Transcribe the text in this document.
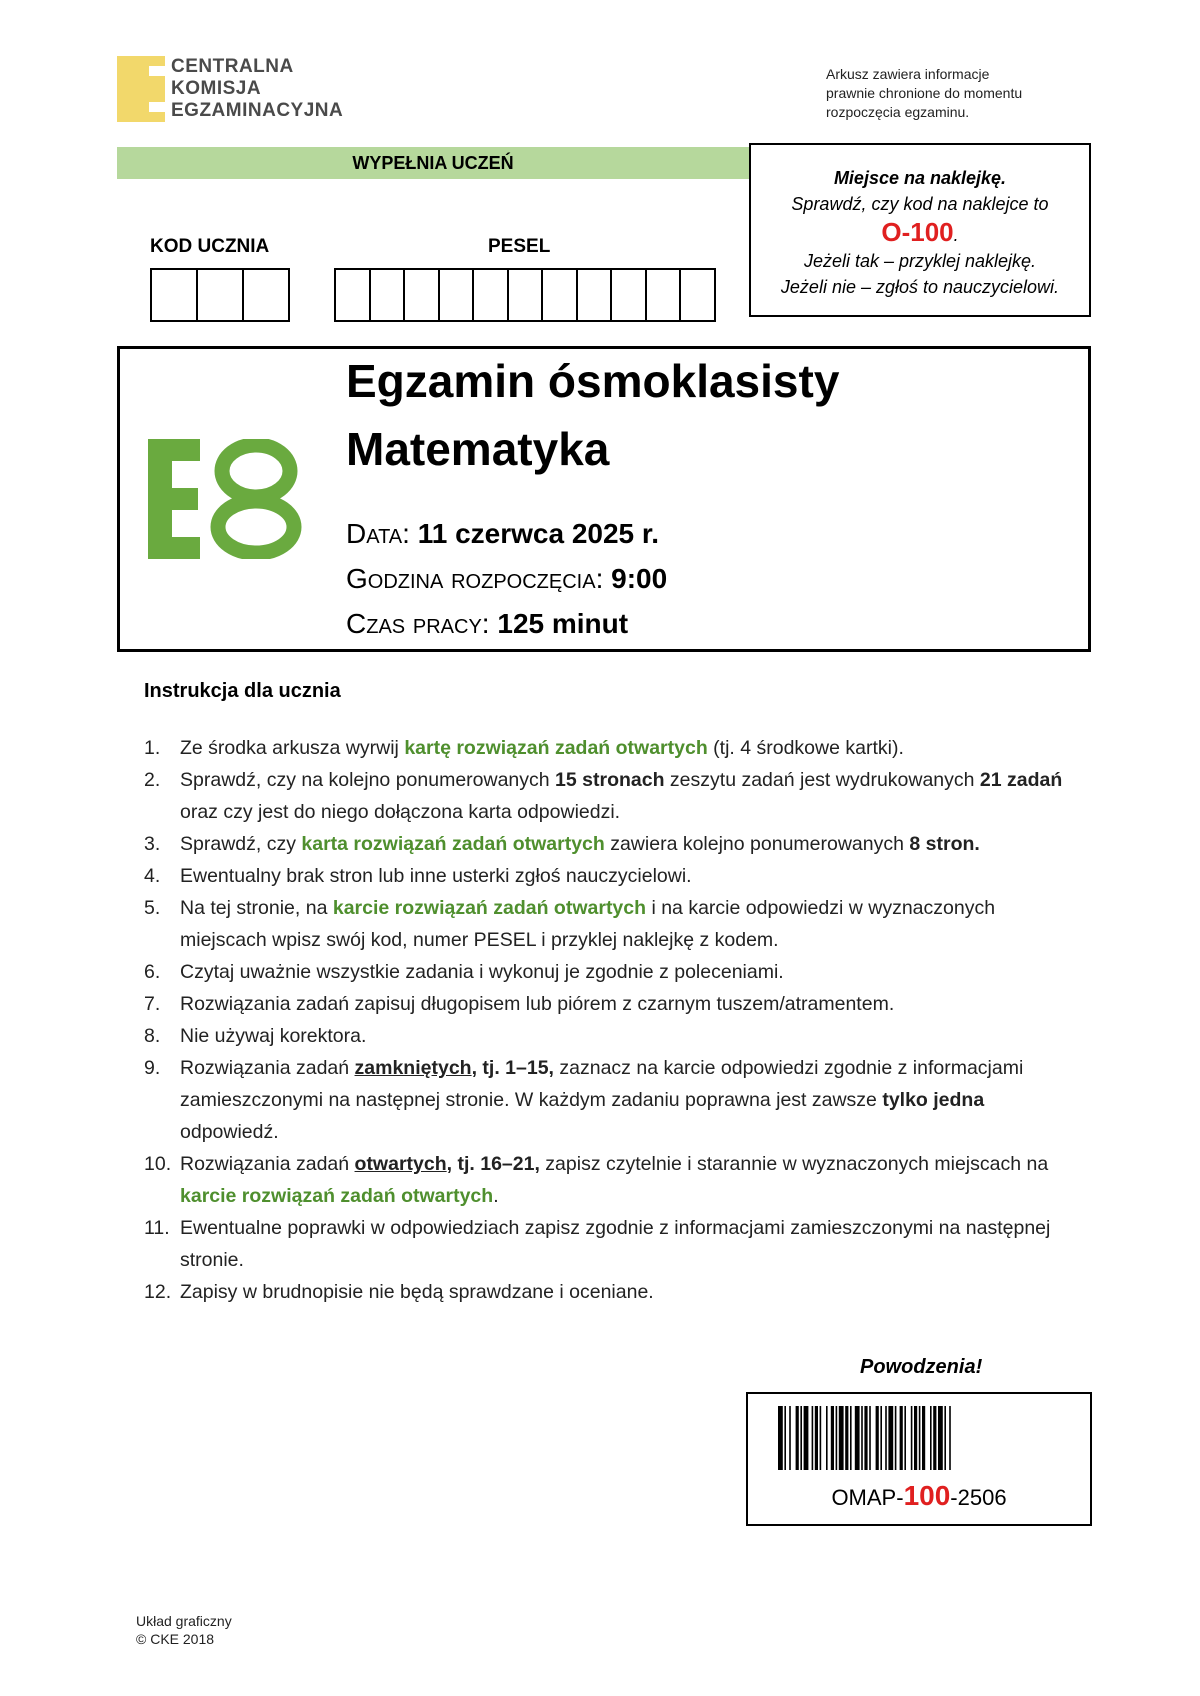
CENTRALNA
KOMISJA
EGZAMINACYJNA
Arkusz zawiera informacje
prawnie chronione do momentu
rozpoczęcia egzaminu.
WYPEŁNIA UCZEŃ
KOD UCZNIA	PESEL
Miejsce na naklejkę.
Sprawdź, czy kod na naklejce to
O-100.
Jeżeli tak – przyklej naklejkę.
Jeżeli nie – zgłoś to nauczycielowi.
Egzamin ósmoklasisty
Matematyka
Data: 11 czerwca 2025 r.
Godzina rozpoczęcia: 9:00
Czas pracy: 125 minut
Instrukcja dla ucznia
1.	Ze środka arkusza wyrwij kartę rozwiązań zadań otwartych (tj. 4 środkowe kartki).
2.	Sprawdź, czy na kolejno ponumerowanych 15 stronach zeszytu zadań jest wydrukowanych 21 zadań oraz czy jest do niego dołączona karta odpowiedzi.
3.	Sprawdź, czy karta rozwiązań zadań otwartych zawiera kolejno ponumerowanych 8 stron.
4.	Ewentualny brak stron lub inne usterki zgłoś nauczycielowi.
5.	Na tej stronie, na karcie rozwiązań zadań otwartych i na karcie odpowiedzi w wyznaczonych miejscach wpisz swój kod, numer PESEL i przyklej naklejkę z kodem.
6.	Czytaj uważnie wszystkie zadania i wykonuj je zgodnie z poleceniami.
7.	Rozwiązania zadań zapisuj długopisem lub piórem z czarnym tuszem/atramentem.
8.	Nie używaj korektora.
9.	Rozwiązania zadań zamkniętych, tj. 1–15, zaznacz na karcie odpowiedzi zgodnie z informacjami zamieszczonymi na następnej stronie. W każdym zadaniu poprawna jest zawsze tylko jedna odpowiedź.
10. Rozwiązania zadań otwartych, tj. 16–21, zapisz czytelnie i starannie w wyznaczonych miejscach na karcie rozwiązań zadań otwartych.
11. Ewentualne poprawki w odpowiedziach zapisz zgodnie z informacjami zamieszczonymi na następnej stronie.
12. Zapisy w brudnopisie nie będą sprawdzane i oceniane.
Powodzenia!
OMAP-100-2506
Układ graficzny
© CKE 2018
